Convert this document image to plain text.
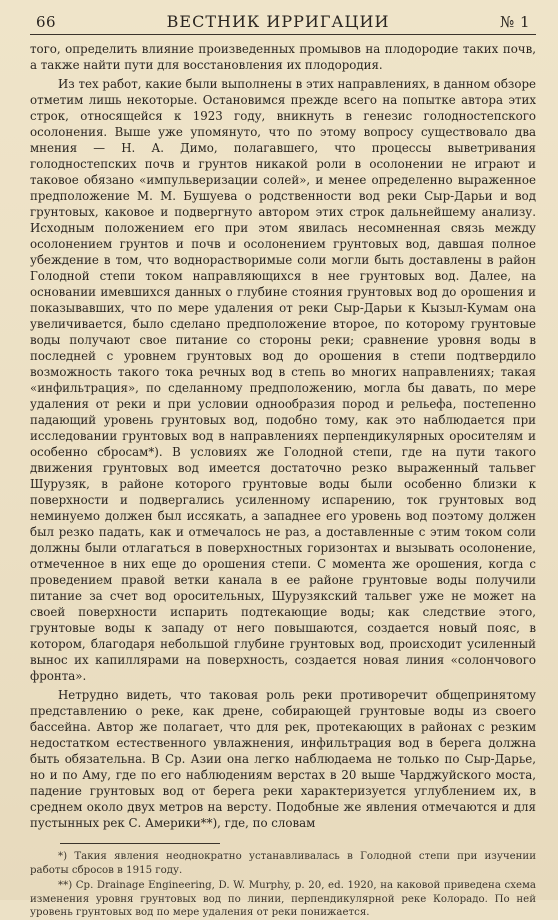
66	ВЕСТНИК ИРРИГАЦИИ	№ 1

того, определить влияние произведенных промывов на плодородие таких почв, а также найти пути для восстановления их плодородия.

Из тех работ, какие были выполнены в этих направлениях, в данном обзоре отметим лишь некоторые. Остановимся прежде всего на попытке автора этих строк, относящейся к 1923 году, вникнуть в генезис голодностепского осолонения. Выше уже упомянуто, что по этому вопросу существовало два мнения — Н. А. Димо, полагавшего, что процессы выветривания голодностепских почв и грунтов никакой роли в осолонении не играют и таковое обязано «импульверизации солей», и менее определенно выраженное предположение М. М. Бушуева о родственности вод реки Сыр-Дарьи и вод грунтовых, каковое и подвергнуто автором этих строк дальнейшему анализу. Исходным положением его при этом явилась несомненная связь между осолонением грунтов и почв и осолонением грунтовых вод, давшая полное убеждение в том, что воднорастворимые соли могли быть доставлены в район Голодной степи током направляющихся в нее грунтовых вод. Далее, на основании имевшихся данных о глубине стояния грунтовых вод до орошения и показывавших, что по мере удаления от реки Сыр-Дарьи к Кызыл-Кумам она увеличивается, было сделано предположение второе, по которому грунтовые воды получают свое питание со стороны реки; сравнение уровня воды в последней с уровнем грунтовых вод до орошения в степи подтвердило возможность такого тока речных вод в степь во многих направлениях; такая «инфильтрация», по сделанному предположению, могла бы давать, по мере удаления от реки и при условии однообразия пород и рельефа, постепенно падающий уровень грунтовых вод, подобно тому, как это наблюдается при исследовании грунтовых вод в направлениях перпендикулярных оросителям и особенно сбросам*). В условиях же Голодной степи, где на пути такого движения грунтовых вод имеется достаточно резко выраженный тальвег Шурузяк, в районе которого грунтовые воды были особенно близки к поверхности и подвергались усиленному испарению, ток грунтовых вод неминуемо должен был иссякать, а западнее его уровень вод поэтому должен был резко падать, как и отмечалось не раз, а доставленные с этим током соли должны были отлагаться в поверхностных горизонтах и вызывать осолонение, отмеченное в них еще до орошения степи. С момента же орошения, когда с проведением правой ветки канала в ее районе грунтовые воды получили питание за счет вод оросительных, Шурузякский тальвег уже не может на своей поверхности испарить подтекающие воды; как следствие этого, грунтовые воды к западу от него повышаются, создается новый пояс, в котором, благодаря небольшой глубине грунтовых вод, происходит усиленный вынос их капиллярами на поверхность, создается новая линия «солончового фронта».

Нетрудно видеть, что таковая роль реки противоречит общепринятому представлению о реке, как дрене, собирающей грунтовые воды из своего бассейна. Автор же полагает, что для рек, протекающих в районах с резким недостатком естественного увлажнения, инфильтрация вод в берега должна быть обязательна. В Ср. Азии она легко наблюдаема не только по Сыр-Дарье, но и по Аму, где по его наблюдениям верстах в 20 выше Чарджуйского моста, падение грунтовых вод от берега реки характеризуется углублением их, в среднем около двух метров на версту. Подобные же явления отмечаются и для пустынных рек С. Америки**), где, по словам

*) Такия явления неоднократно устанавливалась в Голодной степи при изучении работы сбросов в 1915 году.

**) Ср. Drainage Engineering, D. W. Murphy, p. 20, ed. 1920, на каковой приведена схема изменения уровня грунтовых вод по линии, перпендикулярной реке Колорадо. По ней уровень грунтовых вод по мере удаления от реки понижается.
